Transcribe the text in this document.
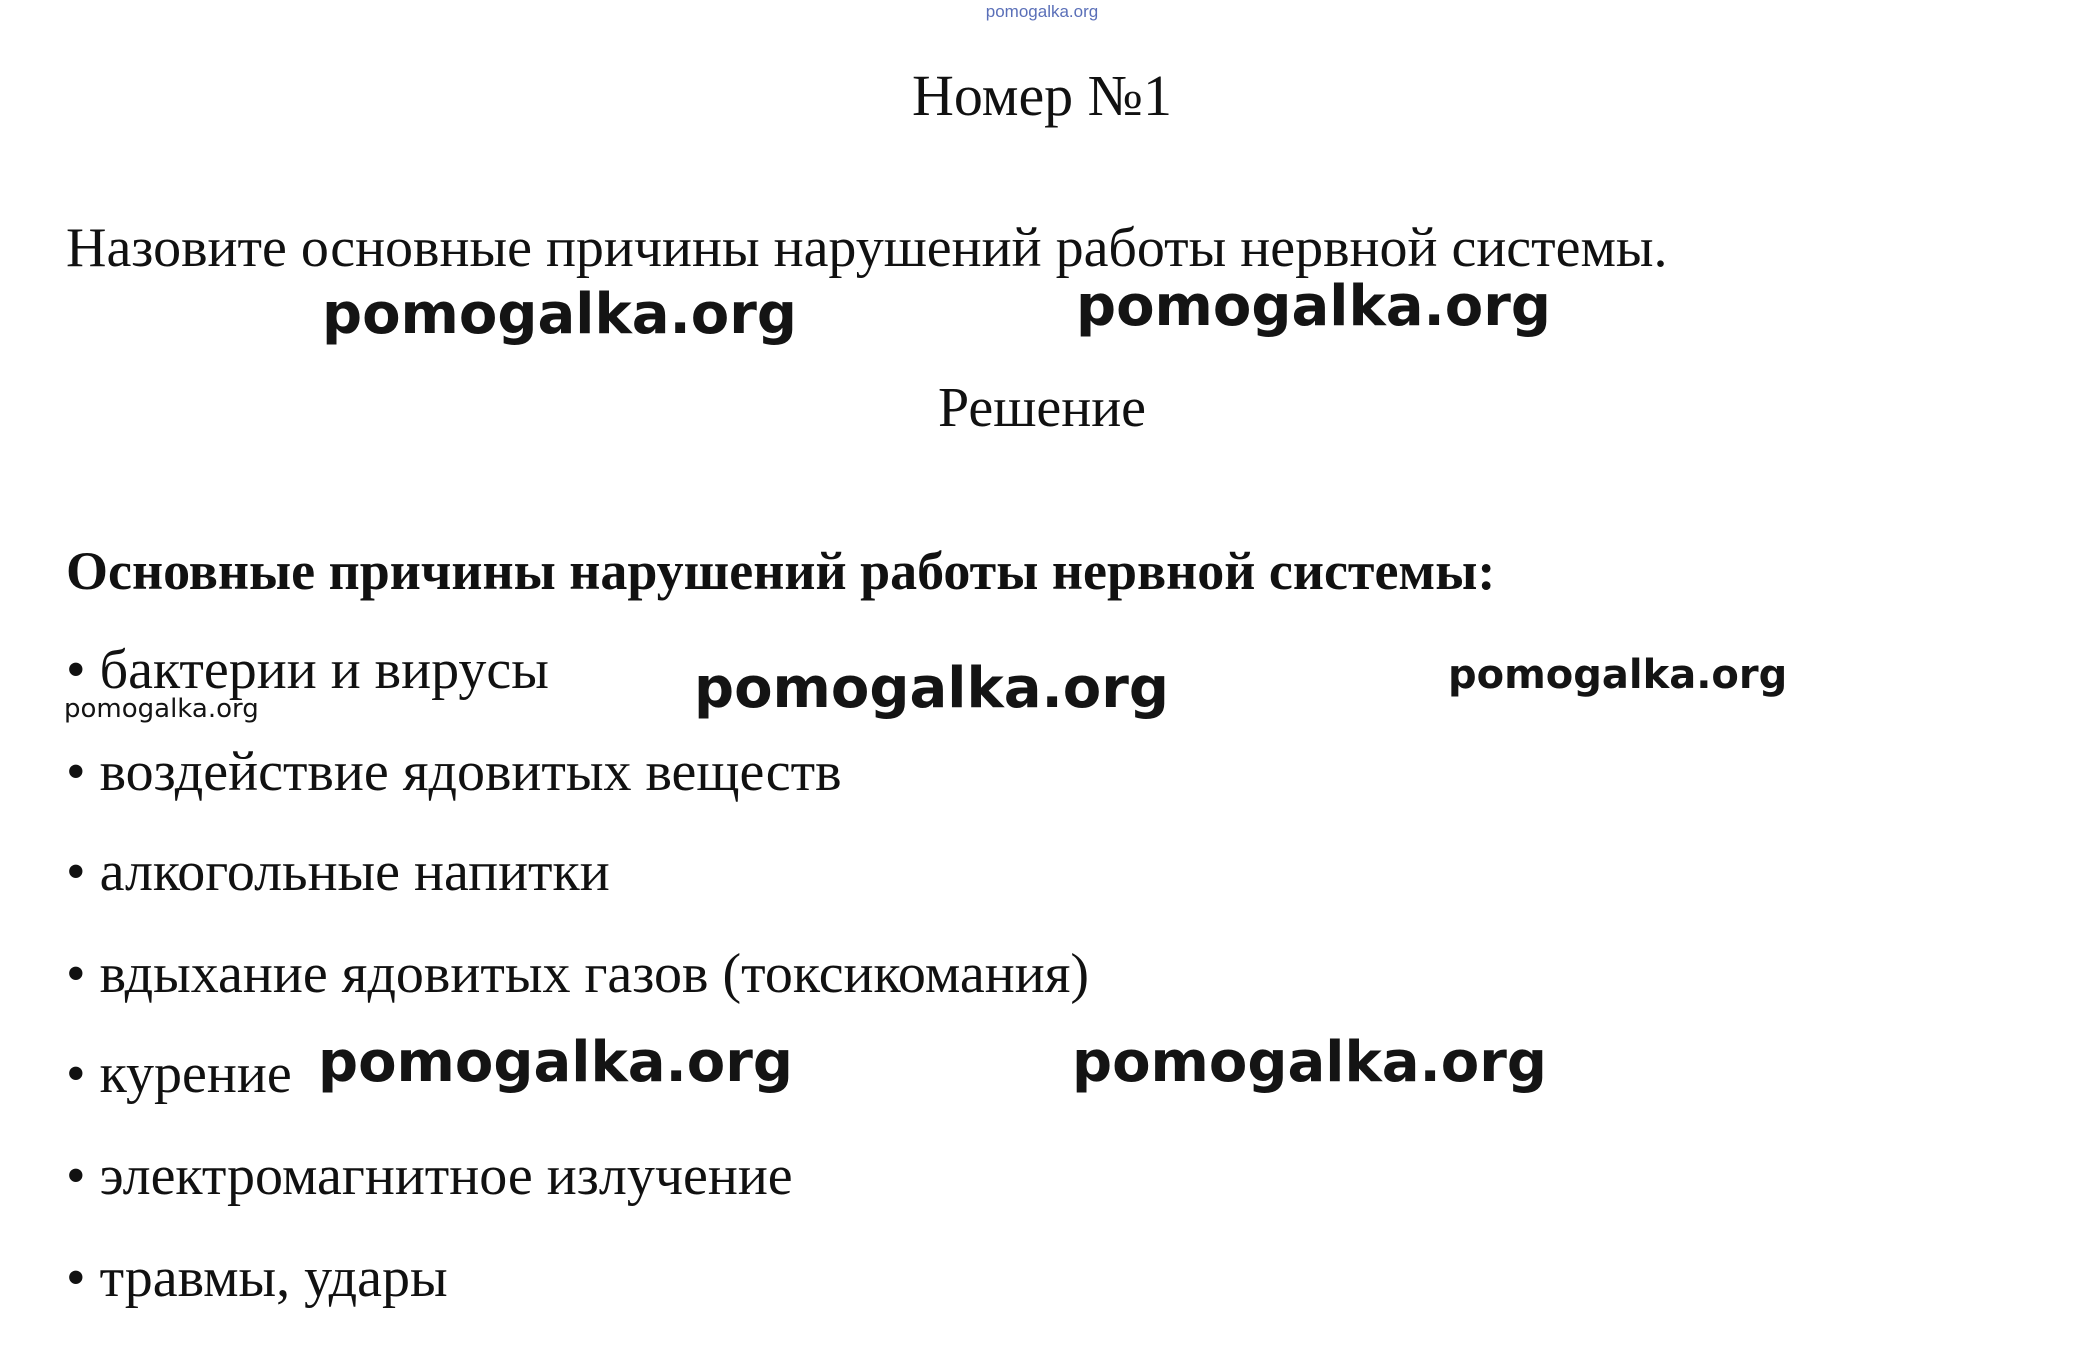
pomogalka.org
Номер №1
Назовите основные причины нарушений работы нервной системы.
pomogalka.org	pomogalka.org
Решение
Основные причины нарушений работы нервной системы:
• бактерии и вирусы
pomogalka.org	pomogalka.org	pomogalka.org
• воздействие ядовитых веществ
• алкогольные напитки
• вдыхание ядовитых газов (токсикомания)
• курение pomogalka.org	pomogalka.org
• электромагнитное излучение
• травмы, удары
